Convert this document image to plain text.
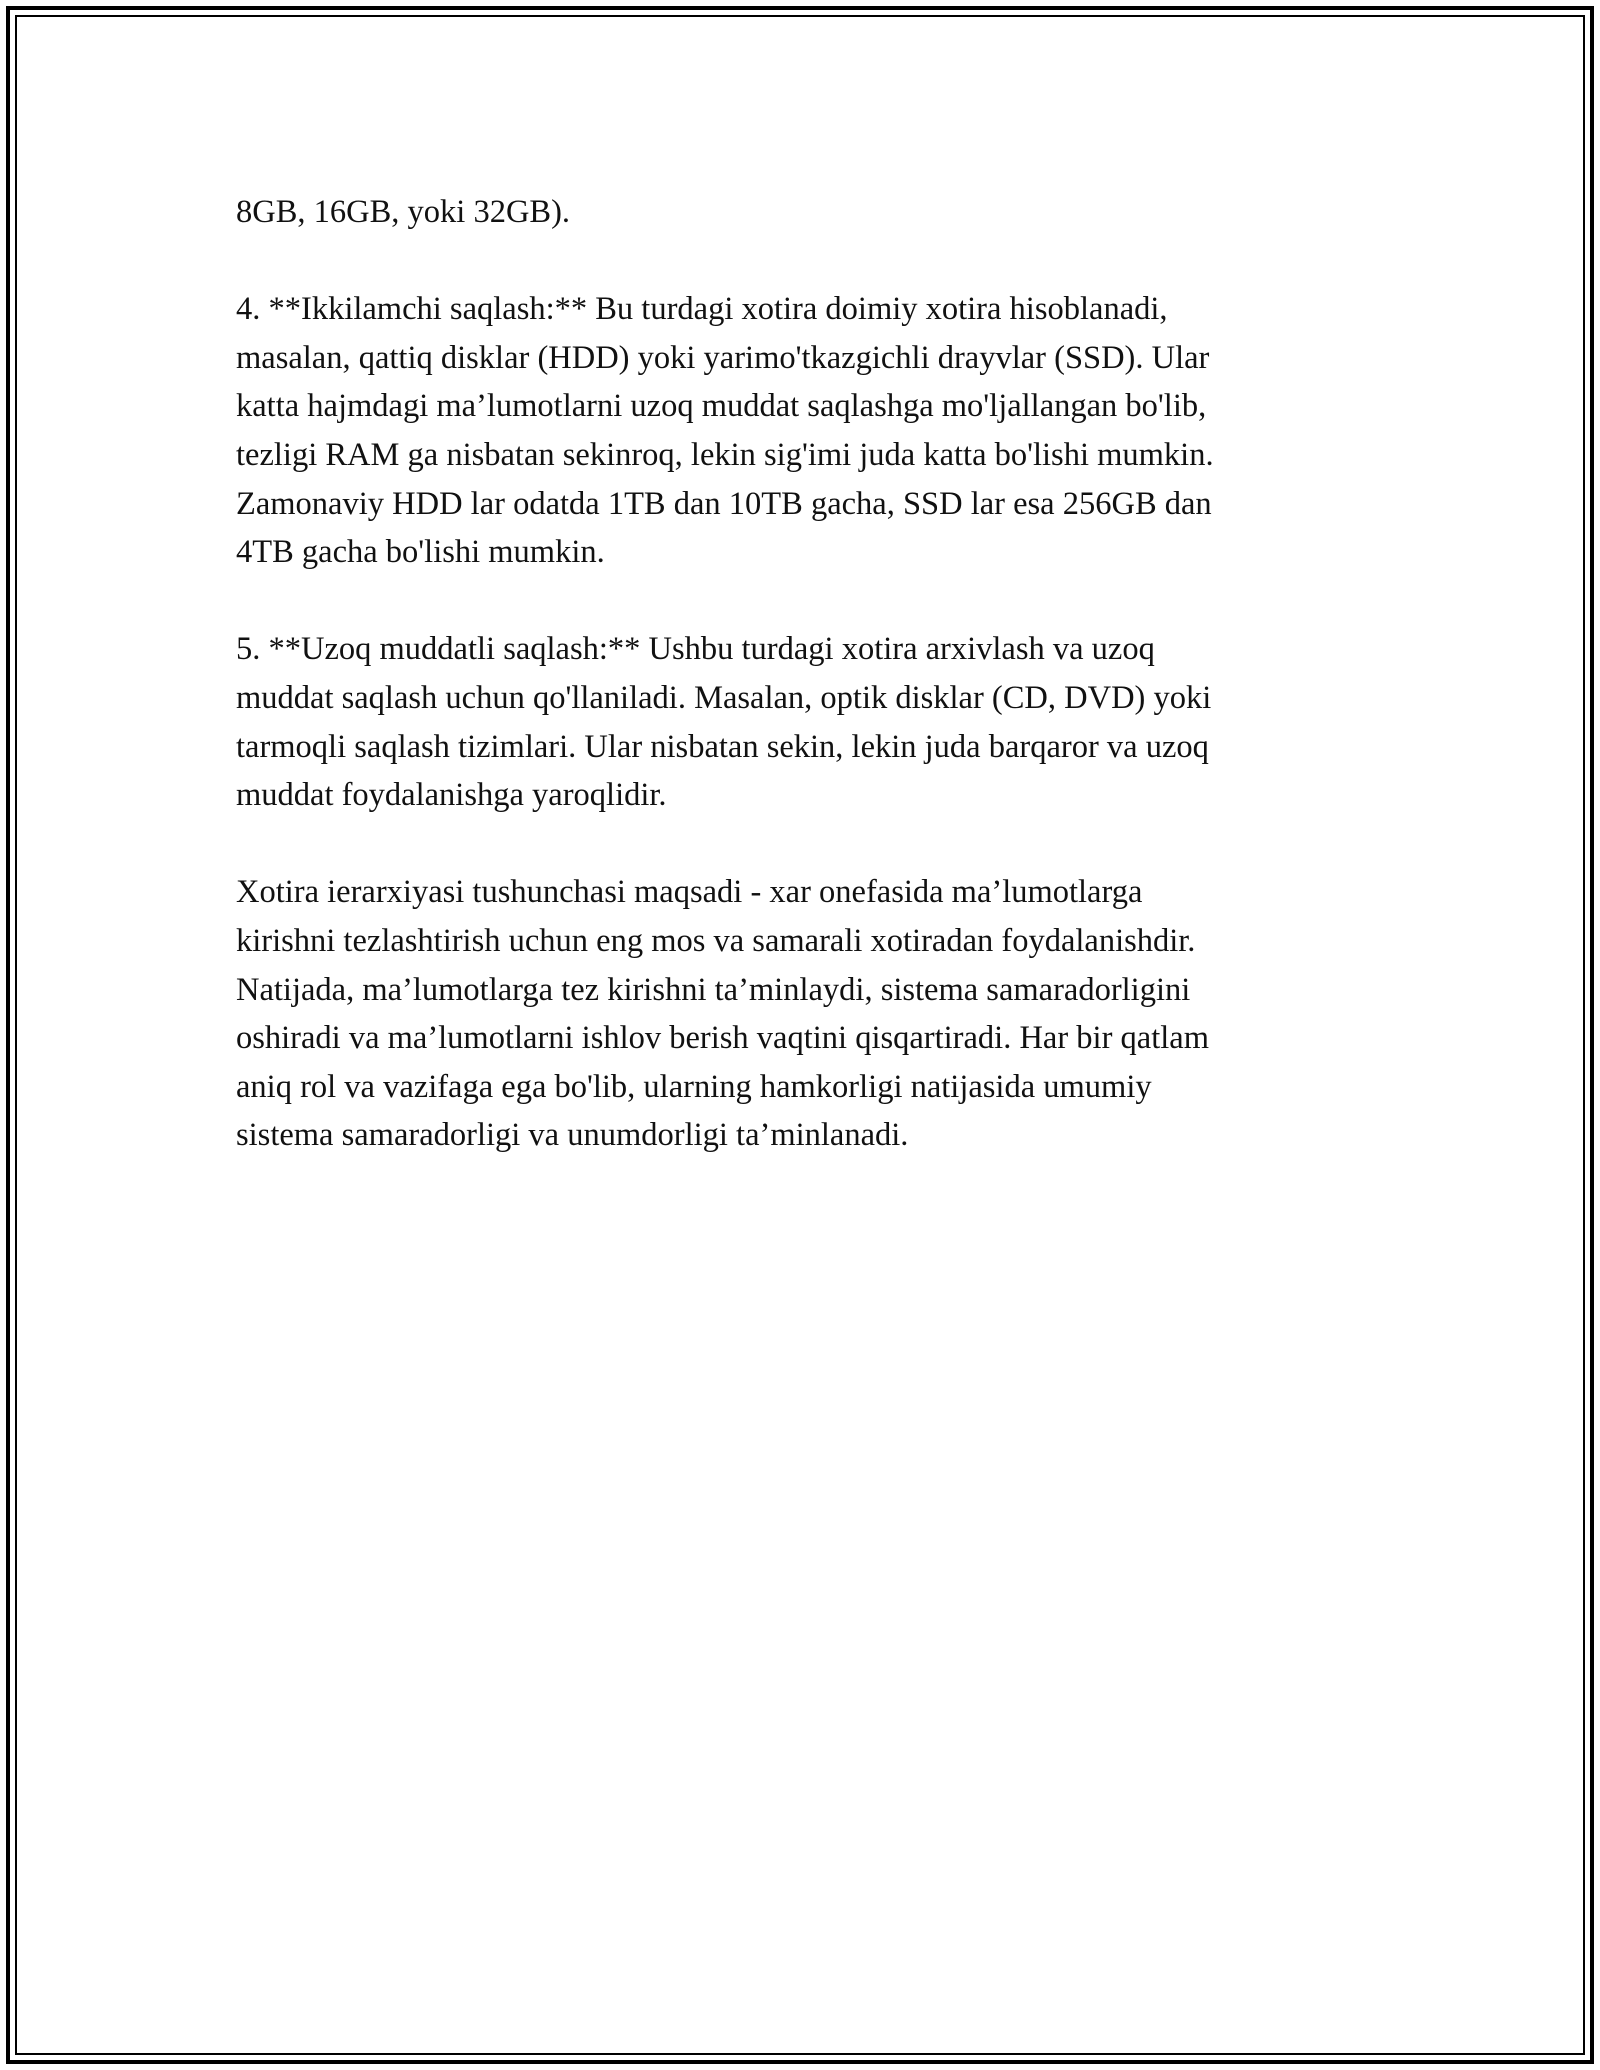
8GB, 16GB, yoki 32GB).

4. **Ikkilamchi saqlash:** Bu turdagi xotira doimiy xotira hisoblanadi,
masalan, qattiq disklar (HDD) yoki yarimo'tkazgichli drayvlar (SSD). Ular
katta hajmdagi ma’lumotlarni uzoq muddat saqlashga mo'ljallangan bo'lib,
tezligi RAM ga nisbatan sekinroq, lekin sig'imi juda katta bo'lishi mumkin.
Zamonaviy HDD lar odatda 1TB dan 10TB gacha, SSD lar esa 256GB dan
4TB gacha bo'lishi mumkin.

5. **Uzoq muddatli saqlash:** Ushbu turdagi xotira arxivlash va uzoq
muddat saqlash uchun qo'llaniladi. Masalan, optik disklar (CD, DVD) yoki
tarmoqli saqlash tizimlari. Ular nisbatan sekin, lekin juda barqaror va uzoq
muddat foydalanishga yaroqlidir.

Xotira ierarxiyasi tushunchasi maqsadi - xar onefasida ma’lumotlarga
kirishni tezlashtirish uchun eng mos va samarali xotiradan foydalanishdir.
Natijada, ma’lumotlarga tez kirishni ta’minlaydi, sistema samaradorligini
oshiradi va ma’lumotlarni ishlov berish vaqtini qisqartiradi. Har bir qatlam
aniq rol va vazifaga ega bo'lib, ularning hamkorligi natijasida umumiy
sistema samaradorligi va unumdorligi ta’minlanadi.
